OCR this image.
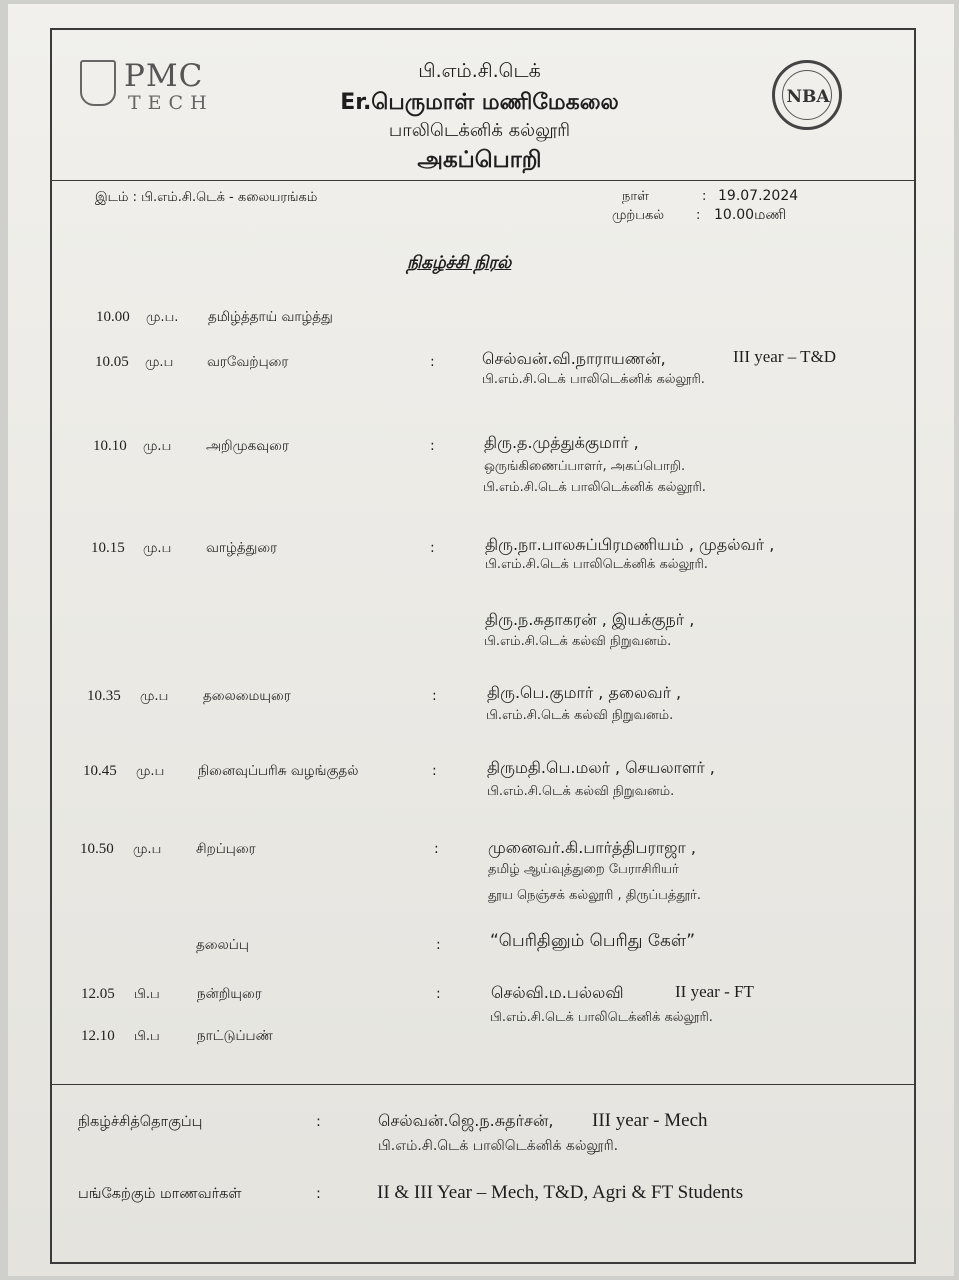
PMC
TECH	NBA
பி.எம்.சி.டெக்
Er.பெருமாள் மணிமேகலை
பாலிடெக்னிக் கல்லூரி
அகப்பொறி
இடம் : பி.எம்.சி.டெக் - கலையரங்கம்	நாள்	: 19.07.2024
முற்பகல் : 10.00மணி
நிகழ்ச்சி நிரல்
10.00 மு.ப. தமிழ்த்தாய் வாழ்த்து
10.05 மு.ப	வரவேற்புரை	:	செல்வன்.வி.நாராயணன்,	III year – T&D
பி.எம்.சி.டெக் பாலிடெக்னிக் கல்லூரி.
10.10 மு.ப	அறிமுகவுரை	:	திரு.த.முத்துக்குமார் ,
ஒருங்கிணைப்பாளர், அகப்பொறி.
பி.எம்.சி.டெக் பாலிடெக்னிக் கல்லூரி.
10.15 மு.ப	வாழ்த்துரை	:	திரு.நா.பாலசுப்பிரமணியம் , முதல்வர் ,
பி.எம்.சி.டெக் பாலிடெக்னிக் கல்லூரி.
திரு.ந.சுதாகரன் , இயக்குநர் ,
பி.எம்.சி.டெக் கல்வி நிறுவனம்.
10.35 மு.ப	தலைமையுரை	:	திரு.பெ.குமார் , தலைவர் ,
பி.எம்.சி.டெக் கல்வி நிறுவனம்.
10.45 மு.ப	நினைவுப்பரிசு வழங்குதல்	:	திருமதி.பெ.மலர் , செயலாளர் ,
பி.எம்.சி.டெக் கல்வி நிறுவனம்.
10.50 மு.ப	சிறப்புரை	:	முனைவர்.கி.பார்த்திபராஜா ,
தமிழ் ஆய்வுத்துறை பேராசிரியர்
தூய நெஞ்சக் கல்லூரி , திருப்பத்தூர்.
தலைப்பு	:	“பெரிதினும் பெரிது கேள்”
12.05 பி.ப	நன்றியுரை	:	செல்வி.ம.பல்லவி	II year - FT
பி.எம்.சி.டெக் பாலிடெக்னிக் கல்லூரி.
12.10 பி.ப	நாட்டுப்பண்
நிகழ்ச்சித்தொகுப்பு	:	செல்வன்.ஜெ.ந.சுதர்சன், III year - Mech
பி.எம்.சி.டெக் பாலிடெக்னிக் கல்லூரி.
பங்கேற்கும் மாணவர்கள்	:	II & III Year – Mech, T&D, Agri & FT Students
